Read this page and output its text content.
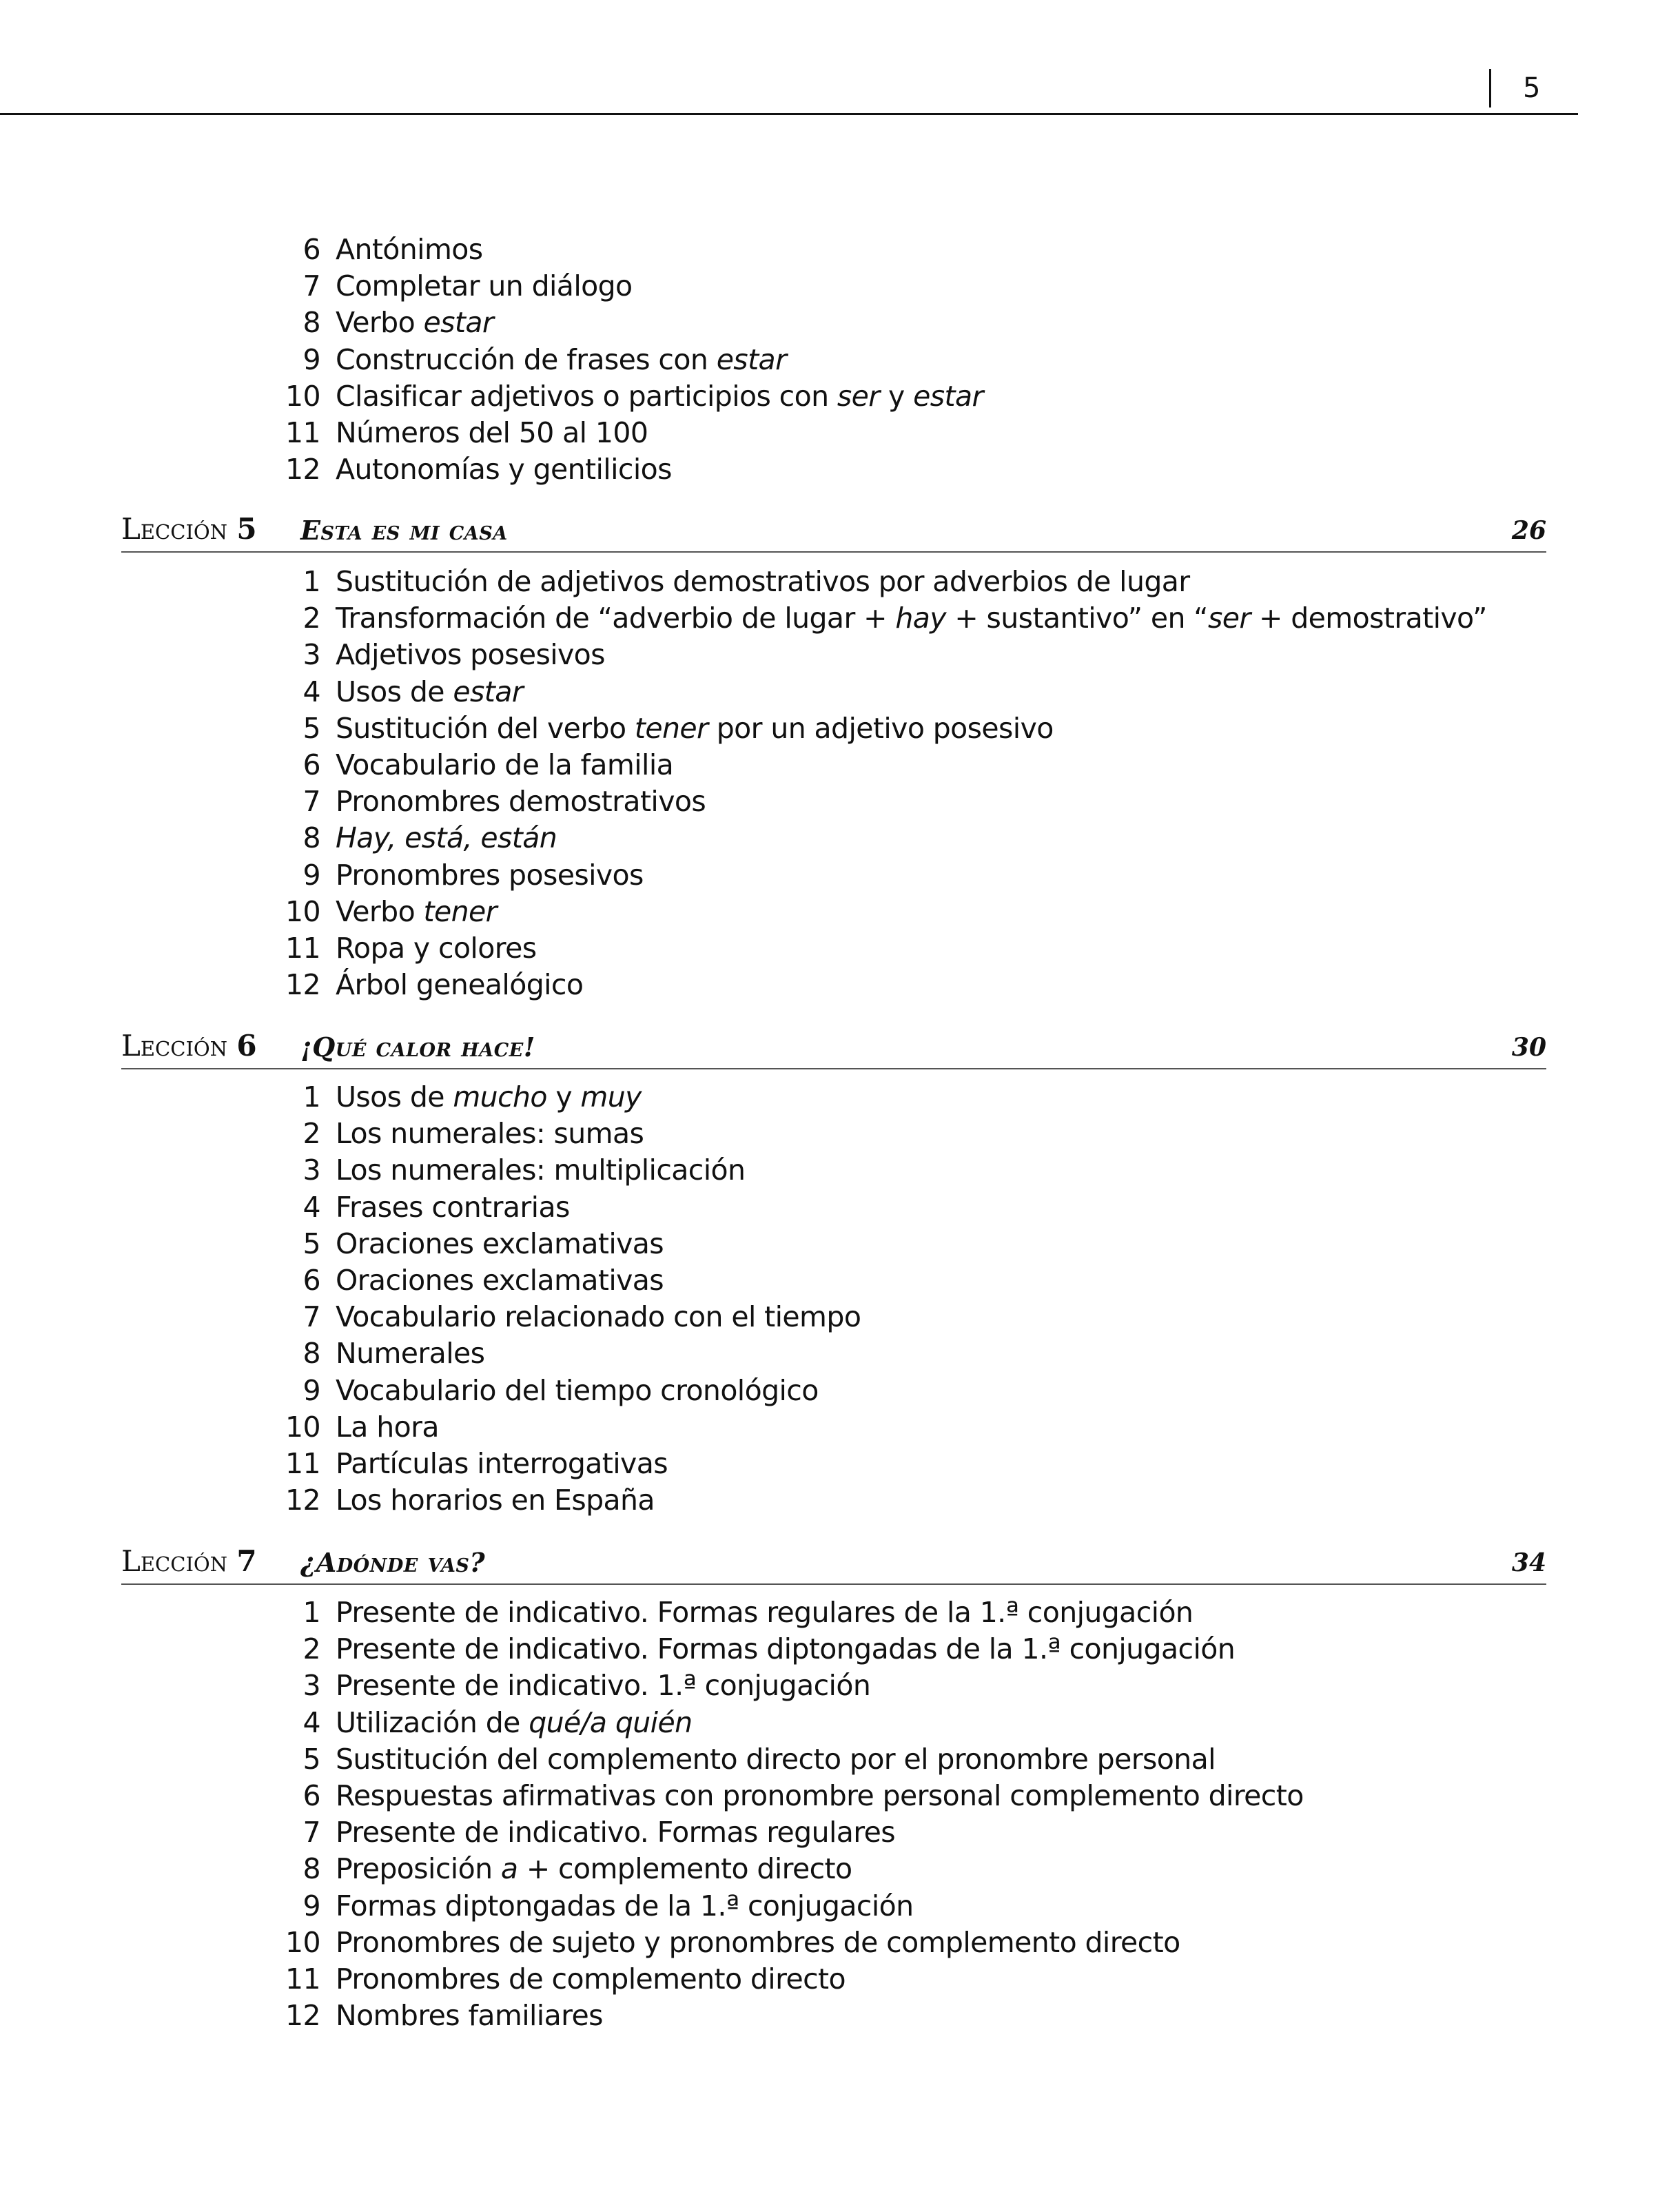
5
6 Antónimos
7 Completar un diálogo
8 Verbo estar
9 Construcción de frases con estar
10 Clasificar adjetivos o participios con ser y estar
11 Números del 50 al 100
12 Autonomías y gentilicios
Lección 5 Esta es mi casa	26
1 Sustitución de adjetivos demostrativos por adverbios de lugar
2 Transformación de “adverbio de lugar + hay + sustantivo” en “ser + demostrativo”
3 Adjetivos posesivos
4 Usos de estar
5 Sustitución del verbo tener por un adjetivo posesivo
6 Vocabulario de la familia
7 Pronombres demostrativos
8 Hay, está, están
9 Pronombres posesivos
10 Verbo tener
11 Ropa y colores
12 Árbol genealógico
Lección 6 ¡Qué calor hace!	30
1 Usos de mucho y muy
2 Los numerales: sumas
3 Los numerales: multiplicación
4 Frases contrarias
5 Oraciones exclamativas
6 Oraciones exclamativas
7 Vocabulario relacionado con el tiempo
8 Numerales
9 Vocabulario del tiempo cronológico
10 La hora
11 Partículas interrogativas
12 Los horarios en España
Lección 7 ¿Adónde vas?	34
1 Presente de indicativo. Formas regulares de la 1.ª conjugación
2 Presente de indicativo. Formas diptongadas de la 1.ª conjugación
3 Presente de indicativo. 1.ª conjugación
4 Utilización de qué/a quién
5 Sustitución del complemento directo por el pronombre personal
6 Respuestas afirmativas con pronombre personal complemento directo
7 Presente de indicativo. Formas regulares
8 Preposición a + complemento directo
9 Formas diptongadas de la 1.ª conjugación
10 Pronombres de sujeto y pronombres de complemento directo
11 Pronombres de complemento directo
12 Nombres familiares
